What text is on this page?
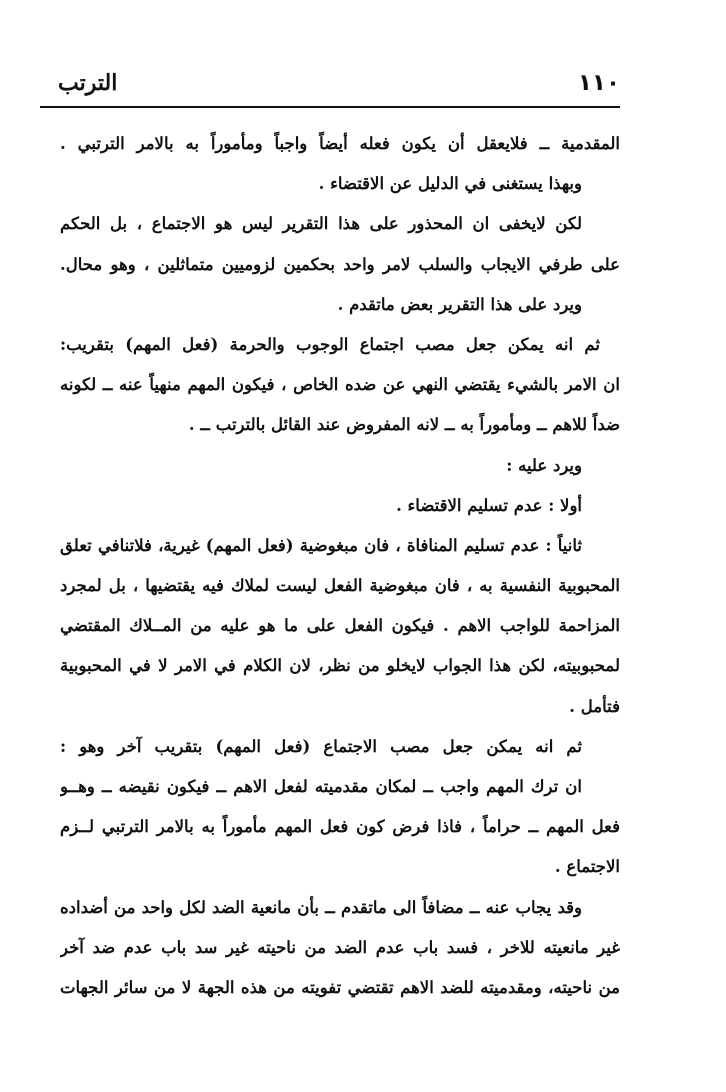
١١٠
الترتب
المقدمية ــ فلايعقل أن يكون فعله أيضاً واجباً ومأموراً به بالامر الترتبي .
وبهذا يستغنى في الدليل عن الاقتضاء .
لكن لايخفى ان المحذور على هذا التقرير ليس هو الاجتماع ، بل الحكم
على طرفي الايجاب والسلب لامر واحد بحكمين لزوميين متماثلين ، وهو محال.
ويرد على هذا التقرير بعض ماتقدم .
ثم انه يمكن جعل مصب اجتماع الوجوب والحرمة (فعل المهم) بتقريب:
ان الامر بالشيء يقتضي النهي عن ضده الخاص ، فيكون المهم منهياً عنه ــ لكونه
ضداً للاهم ــ ومأموراً به ــ لانه المفروض عند القائل بالترتب ــ .
ويرد عليه :
أولا : عدم تسليم الاقتضاء .
ثانياً : عدم تسليم المنافاة ، فان مبغوضية (فعل المهم) غيرية، فلاتنافي تعلق
المحبوبية النفسية به ، فان مبغوضية الفعل ليست لملاك فيه يقتضيها ، بل لمجرد
المزاحمة للواجب الاهم . فيكون الفعل على ما هو عليه من المــلاك المقتضي
لمحبوبيته، لكن هذا الجواب لايخلو من نظر، لان الكلام في الامر لا في المحبوبية
فتأمل .
ثم انه يمكن جعل مصب الاجتماع (فعل المهم) بتقريب آخر وهو :
ان ترك المهم واجب ــ لمكان مقدميته لفعل الاهم ــ فيكون نقيضه ــ وهــو
فعل المهم ــ حراماً ، فاذا فرض كون فعل المهم مأموراً به بالامر الترتبي لــزم
الاجتماع .
وقد يجاب عنه ــ مضافاً الى ماتقدم ــ بأن مانعية الضد لكل واحد من أضداده
غير مانعيته للاخر ، فسد باب عدم الضد من ناحيته غير سد باب عدم ضد آخر
من ناحيته، ومقدميته للضد الاهم تقتضي تفويته من هذه الجهة لا من سائر الجهات
